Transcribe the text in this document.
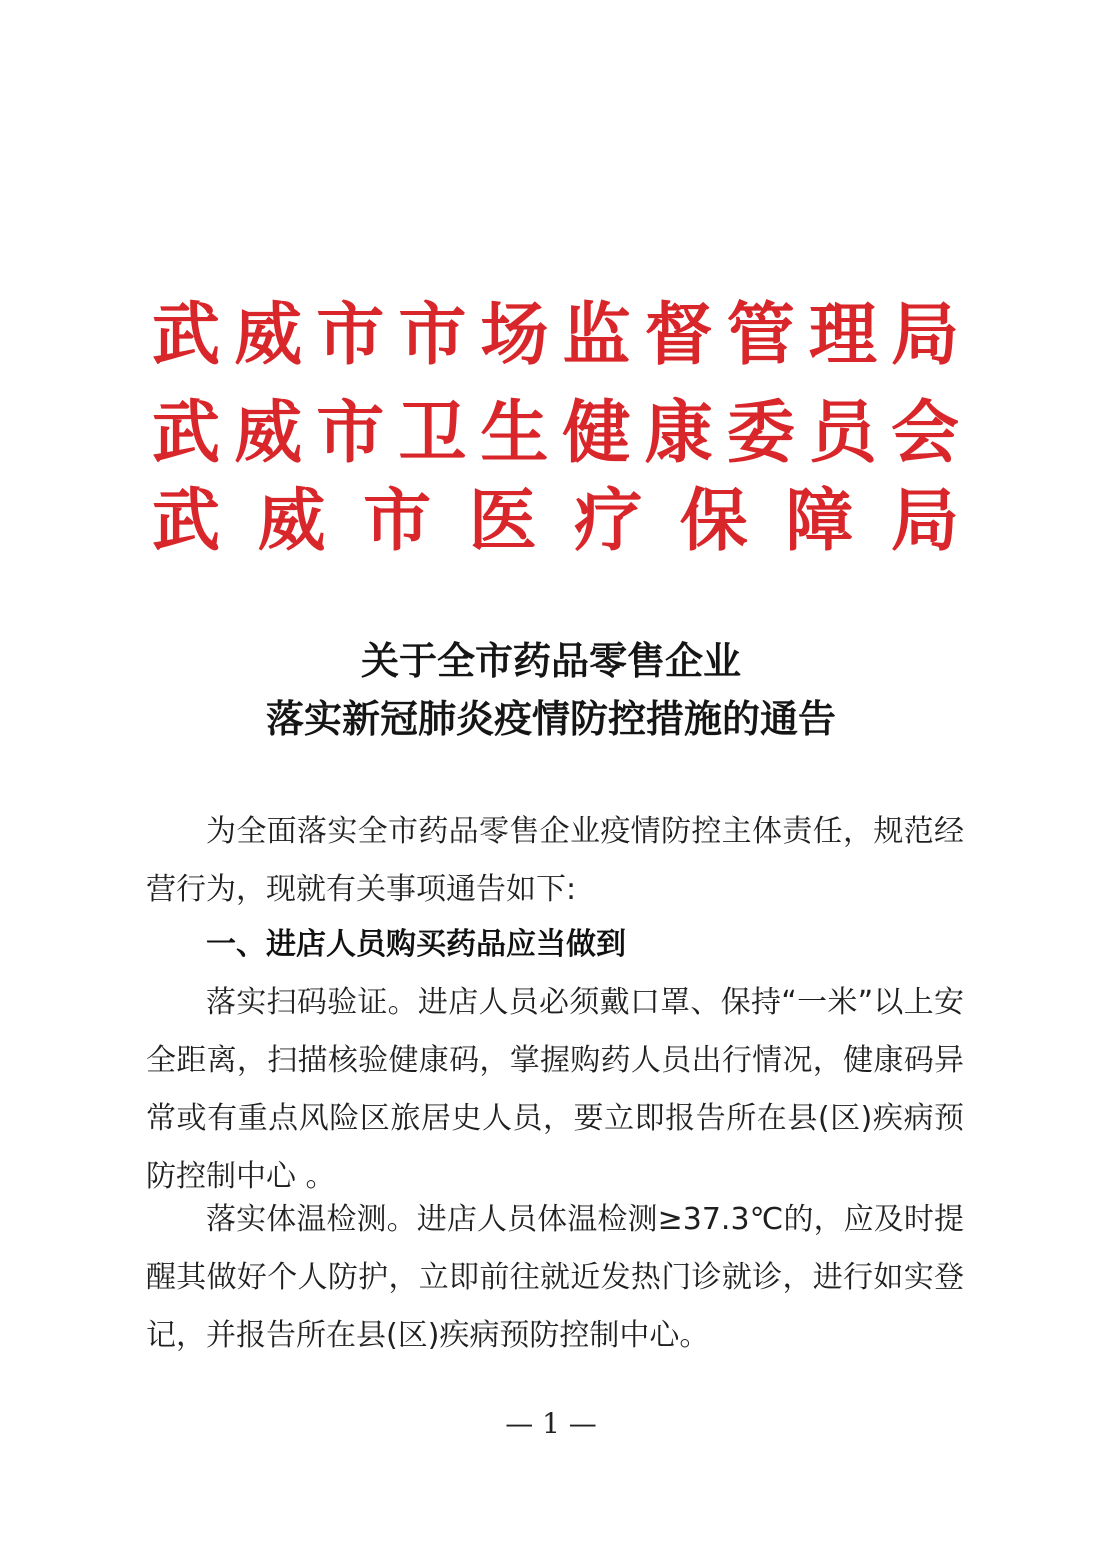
武 威 市 市 场 监 督 管 理 局
武 威 市 卫 生 健 康 委 员 会
武 威 市 医 疗 保 障 局
关于全市药品零售企业
落实新冠肺炎疫情防控措施的通告

为全面落实全市药品零售企业疫情防控主体责任，规范经营行为，现就有关事项通告如下:

一、进店人员购买药品应当做到

落实扫码验证。进店人员必须戴口罩、保持“一米”以上安全距离，扫描核验健康码，掌握购药人员出行情况，健康码异常或有重点风险区旅居史人员，要立即报告所在县(区)疾病预防控制中心 。

落实体温检测。进店人员体温检测≥37.3℃的，应及时提醒其做好个人防护，立即前往就近发热门诊就诊，进行如实登记，并报告所在县(区)疾病预防控制中心。

— 1 —
